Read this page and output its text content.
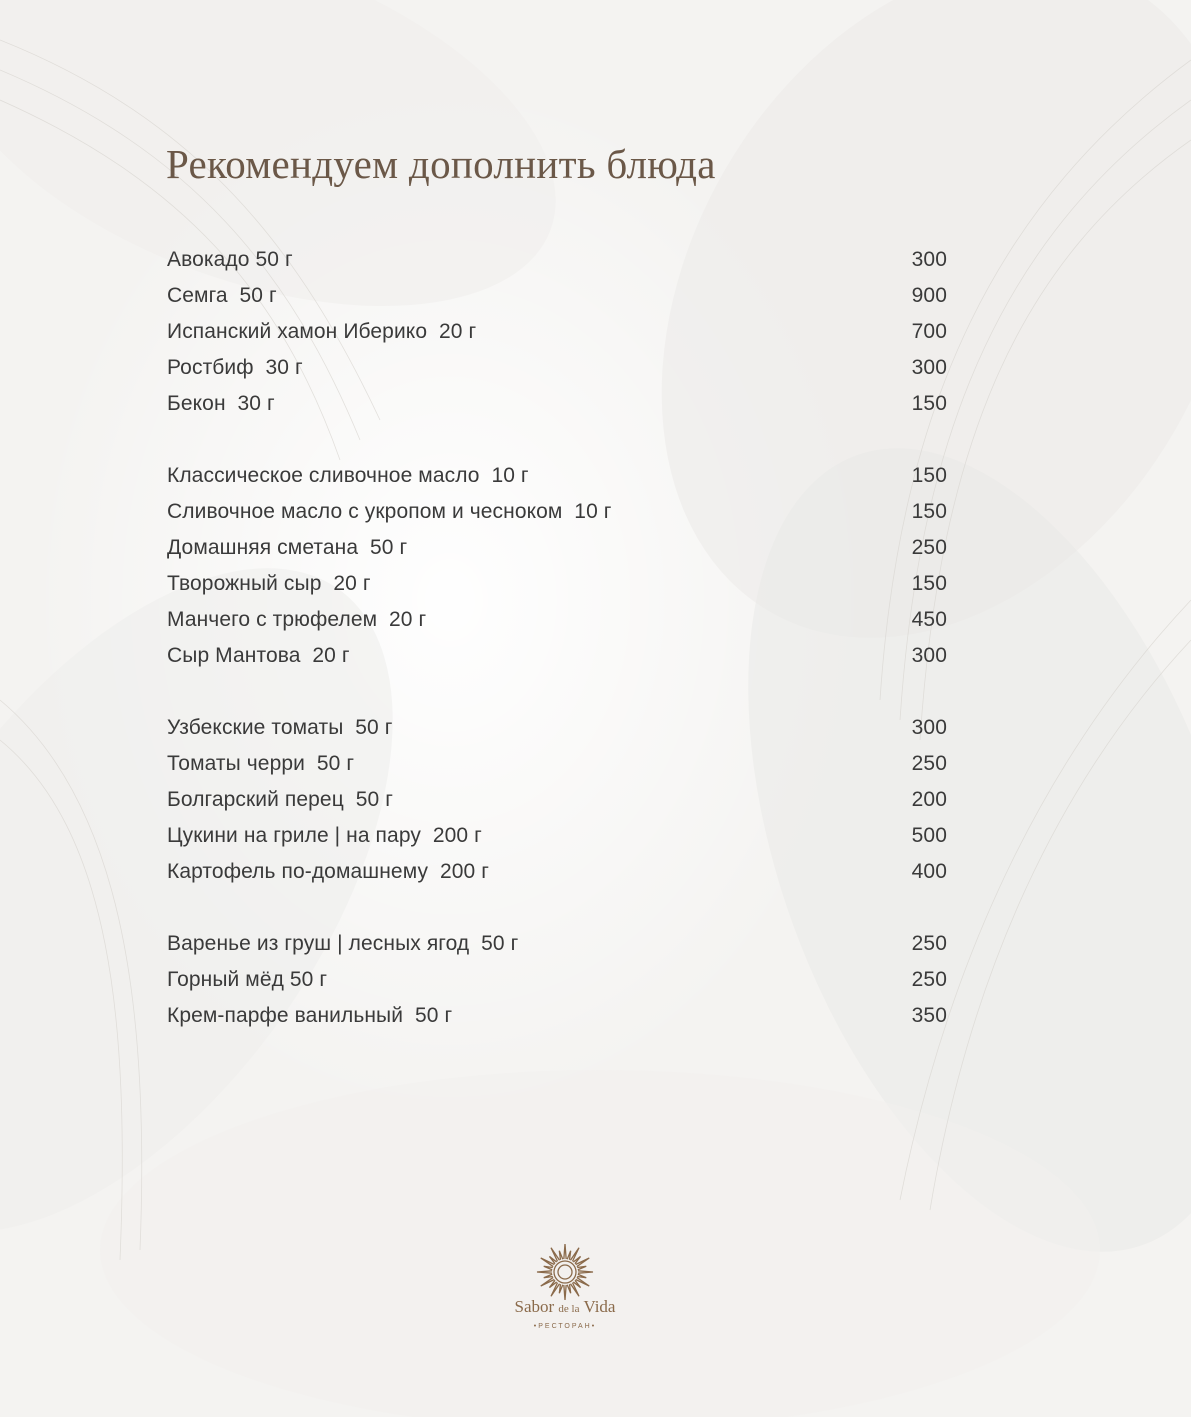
Рекомендуем дополнить блюда
Авокадо 50 г	300
Семга  50 г	900
Испанский хамон Иберико  20 г	700
Ростбиф  30 г	300
Бекон  30 г	150
Классическое сливочное масло  10 г	150
Сливочное масло с укропом и чесноком  10 г	150
Домашняя сметана  50 г	250
Творожный сыр  20 г	150
Манчего с трюфелем  20 г	450
Сыр Мантова  20 г	300
Узбекские томаты  50 г	300
Томаты черри  50 г	250
Болгарский перец  50 г	200
Цукини на гриле | на пару  200 г	500
Картофель по-домашнему  200 г	400
Варенье из груш | лесных ягод  50 г	250
Горный мёд 50 г	250
Крем-парфе ванильный  50 г	350
Sabor de la Vida
•РЕСТОРАН•
